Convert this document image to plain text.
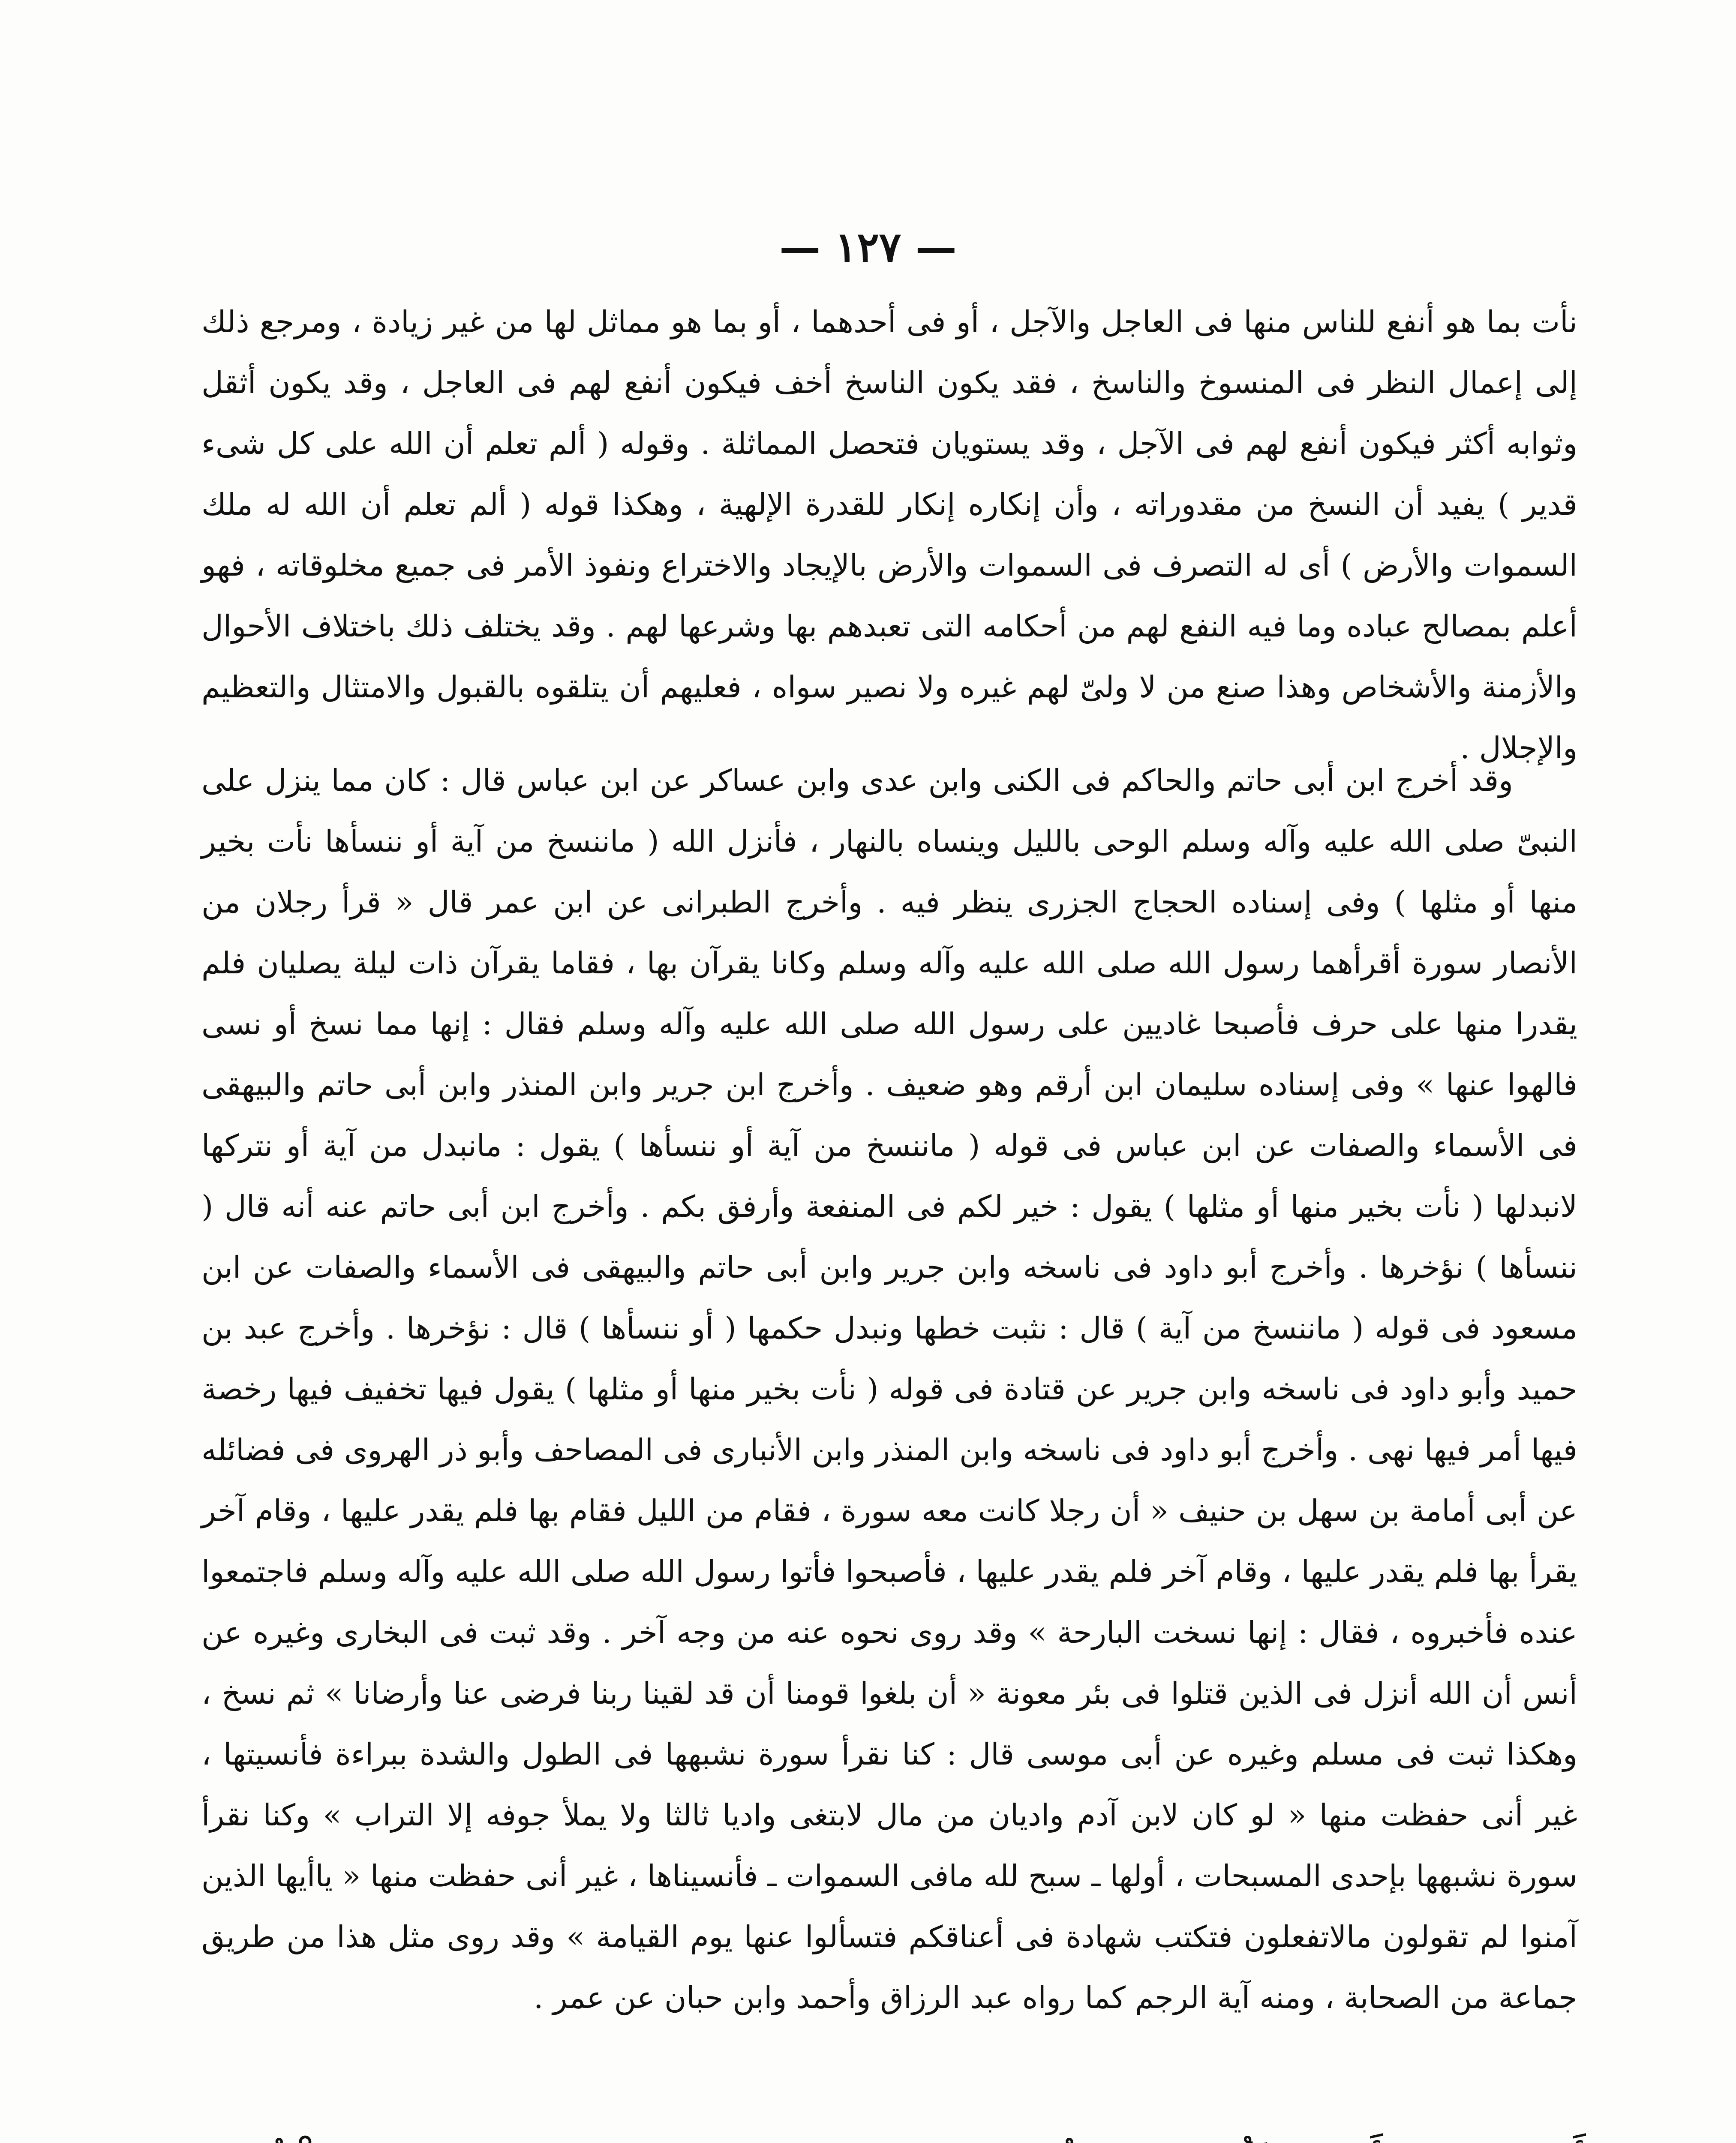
— ١٢٧ —

نأت بما هو أنفع للناس منها فى العاجل والآجل ، أو فى أحدهما ، أو بما هو مماثل لها من غير زيادة ، ومرجع ذلك إلى إعمال النظر فى المنسوخ والناسخ ، فقد يكون الناسخ أخف فيكون أنفع لهم فى العاجل ، وقد يكون أثقل وثوابه أكثر فيكون أنفع لهم فى الآجل ، وقد يستويان فتحصل المماثلة . وقوله ( ألم تعلم أن الله على كل شىء قدير ) يفيد أن النسخ من مقدوراته ، وأن إنكاره إنكار للقدرة الإلهية ، وهكذا قوله ( ألم تعلم أن الله له ملك السموات والأرض ) أى له التصرف فى السموات والأرض بالإيجاد والاختراع ونفوذ الأمر فى جميع مخلوقاته ، فهو أعلم بمصالح عباده وما فيه النفع لهم من أحكامه التى تعبدهم بها وشرعها لهم . وقد يختلف ذلك باختلاف الأحوال والأزمنة والأشخاص وهذا صنع من لا ولىّ لهم غيره ولا نصير سواه ، فعليهم أن يتلقوه بالقبول والامتثال والتعظيم والإجلال .

وقد أخرج ابن أبى حاتم والحاكم فى الكنى وابن عدى وابن عساكر عن ابن عباس قال : كان مما ينزل على النبىّ صلى الله عليه وآله وسلم الوحى بالليل وينساه بالنهار ، فأنزل الله ( ماننسخ من آية أو ننسأها نأت بخير منها أو مثلها ) وفى إسناده الحجاج الجزرى ينظر فيه . وأخرج الطبرانى عن ابن عمر قال « قرأ رجلان من الأنصار سورة أقرأهما رسول الله صلى الله عليه وآله وسلم وكانا يقرآن بها ، فقاما يقرآن ذات ليلة يصليان فلم يقدرا منها على حرف فأصبحا غاديين على رسول الله صلى الله عليه وآله وسلم فقال : إنها مما نسخ أو نسى فالهوا عنها » وفى إسناده سليمان ابن أرقم وهو ضعيف . وأخرج ابن جرير وابن المنذر وابن أبى حاتم والبيهقى فى الأسماء والصفات عن ابن عباس فى قوله ( ماننسخ من آية أو ننسأها ) يقول : مانبدل من آية أو نتركها لانبدلها ( نأت بخير منها أو مثلها ) يقول : خير لكم فى المنفعة وأرفق بكم . وأخرج ابن أبى حاتم عنه أنه قال ( ننسأها ) نؤخرها . وأخرج أبو داود فى ناسخه وابن جرير وابن أبى حاتم والبيهقى فى الأسماء والصفات عن ابن مسعود فى قوله ( ماننسخ من آية ) قال : نثبت خطها ونبدل حكمها ( أو ننسأها ) قال : نؤخرها . وأخرج عبد بن حميد وأبو داود فى ناسخه وابن جرير عن قتادة فى قوله ( نأت بخير منها أو مثلها ) يقول فيها تخفيف فيها رخصة فيها أمر فيها نهى . وأخرج أبو داود فى ناسخه وابن المنذر وابن الأنبارى فى المصاحف وأبو ذر الهروى فى فضائله عن أبى أمامة بن سهل بن حنيف « أن رجلا كانت معه سورة ، فقام من الليل فقام بها فلم يقدر عليها ، وقام آخر يقرأ بها فلم يقدر عليها ، وقام آخر فلم يقدر عليها ، فأصبحوا فأتوا رسول الله صلى الله عليه وآله وسلم فاجتمعوا عنده فأخبروه ، فقال : إنها نسخت البارحة » وقد روى نحوه عنه من وجه آخر . وقد ثبت فى البخارى وغيره عن أنس أن الله أنزل فى الذين قتلوا فى بئر معونة « أن بلغوا قومنا أن قد لقينا ربنا فرضى عنا وأرضانا » ثم نسخ ، وهكذا ثبت فى مسلم وغيره عن أبى موسى قال : كنا نقرأ سورة نشبهها فى الطول والشدة ببراءة فأنسيتها ، غير أنى حفظت منها « لو كان لابن آدم واديان من مال لابتغى واديا ثالثا ولا يملأ جوفه إلا التراب » وكنا نقرأ سورة نشبهها بإحدى المسبحات ، أولها ـ سبح لله مافى السموات ـ فأنسيناها ، غير أنى حفظت منها « ياأيها الذين آمنوا لم تقولون مالاتفعلون فتكتب شهادة فى أعناقكم فتسألوا عنها يوم القيامة » وقد روى مثل هذا من طريق جماعة من الصحابة ، ومنه آية الرجم كما رواه عبد الرزاق وأحمد وابن حبان عن عمر .
